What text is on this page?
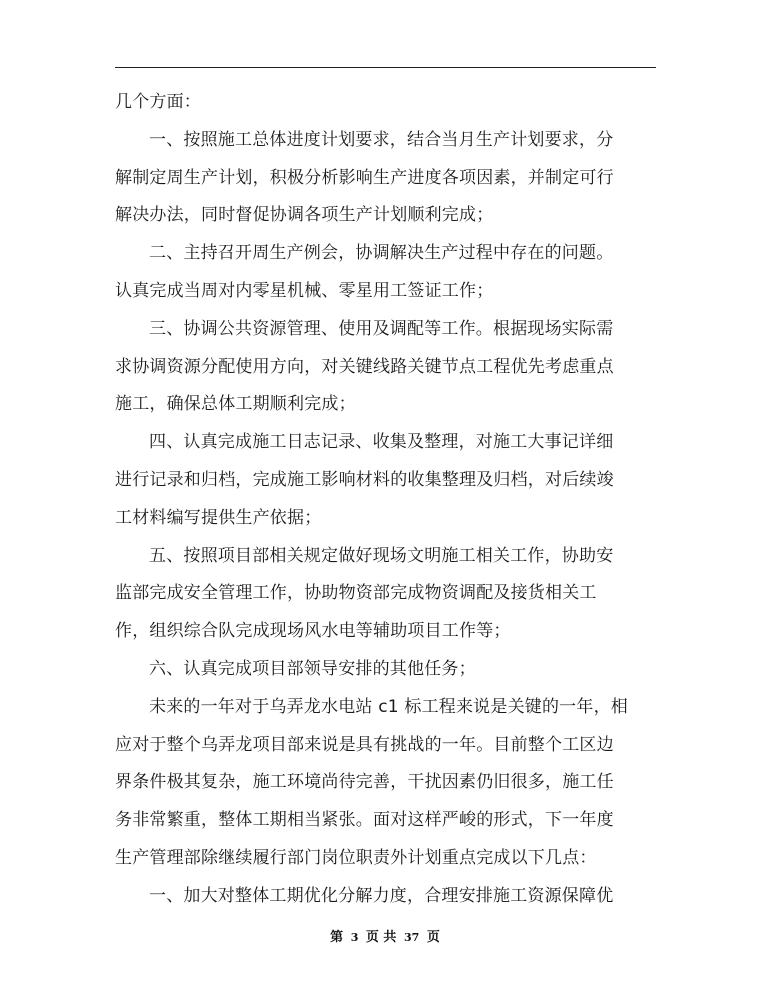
几个方面：
一、按照施工总体进度计划要求，结合当月生产计划要求，分
解制定周生产计划，积极分析影响生产进度各项因素，并制定可行
解决办法，同时督促协调各项生产计划顺利完成；
二、主持召开周生产例会，协调解决生产过程中存在的问题。
认真完成当周对内零星机械、零星用工签证工作；
三、协调公共资源管理、使用及调配等工作。根据现场实际需
求协调资源分配使用方向，对关键线路关键节点工程优先考虑重点
施工，确保总体工期顺利完成；
四、认真完成施工日志记录、收集及整理，对施工大事记详细
进行记录和归档，完成施工影响材料的收集整理及归档，对后续竣
工材料编写提供生产依据；
五、按照项目部相关规定做好现场文明施工相关工作，协助安
监部完成安全管理工作，协助物资部完成物资调配及接货相关工
作，组织综合队完成现场风水电等辅助项目工作等；
六、认真完成项目部领导安排的其他任务；
未来的一年对于乌弄龙水电站 c1 标工程来说是关键的一年，相
应对于整个乌弄龙项目部来说是具有挑战的一年。目前整个工区边
界条件极其复杂，施工环境尚待完善，干扰因素仍旧很多，施工任
务非常繁重，整体工期相当紧张。面对这样严峻的形式，下一年度
生产管理部除继续履行部门岗位职责外计划重点完成以下几点：
一、加大对整体工期优化分解力度，合理安排施工资源保障优
第 3 页 共 37 页
